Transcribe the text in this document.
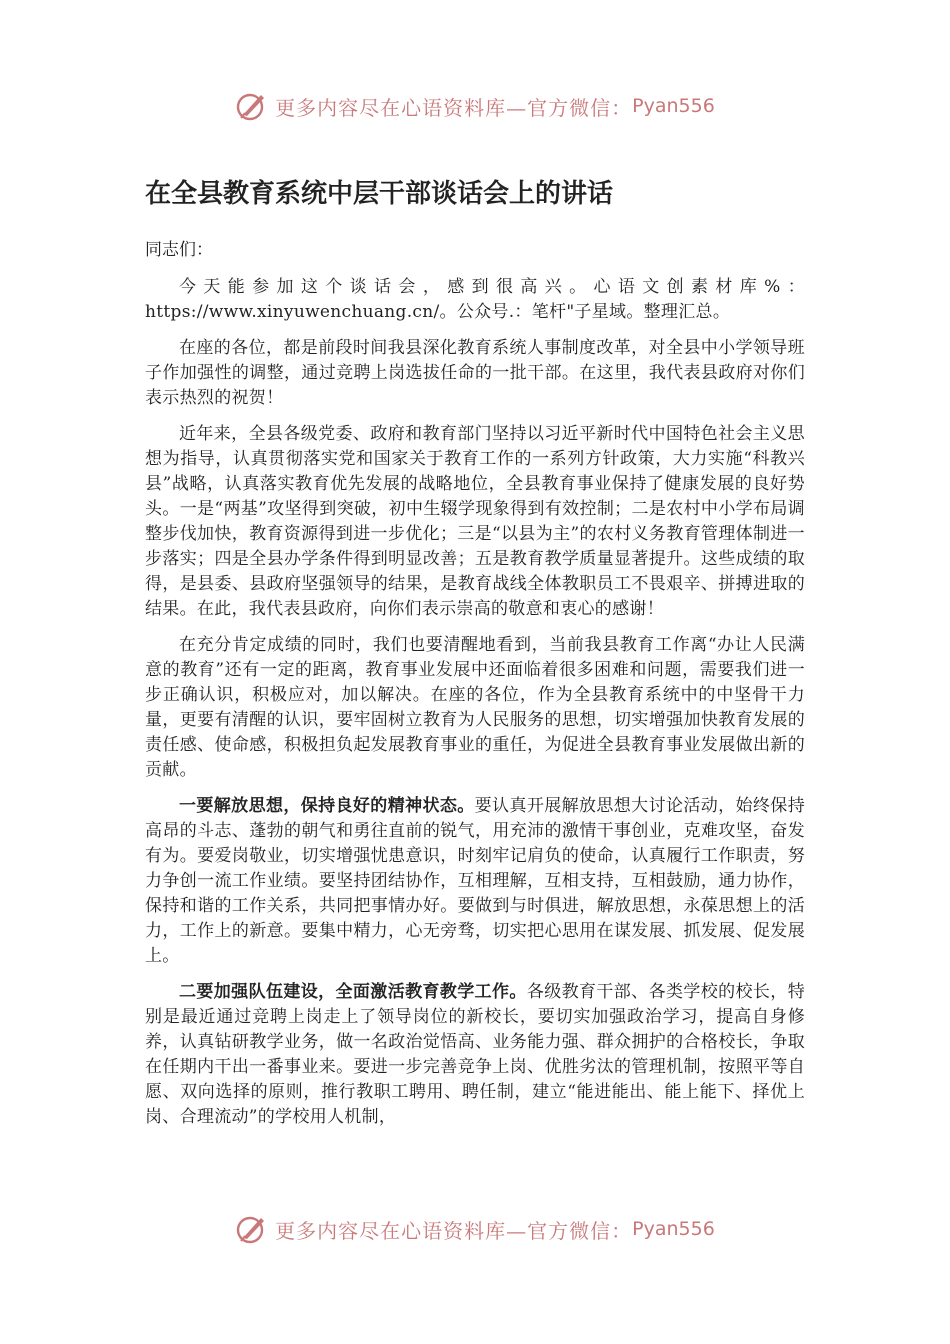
更多内容尽在心语资料库—官方微信： Pyan556
在全县教育系统中层干部谈话会上的讲话

同志们：

今天能参加这个谈话会，感到很高兴。心语文创素材库%：https://www.xinyuwenchuang.cn/。公众号.：笔杆"子星域。整理汇总。

在座的各位，都是前段时间我县深化教育系统人事制度改革，对全县中小学领导班子作加强性的调整，通过竞聘上岗选拔任命的一批干部。在这里，我代表县政府对你们表示热烈的祝贺！

近年来，全县各级党委、政府和教育部门坚持以习近平新时代中国特色社会主义思想为指导，认真贯彻落实党和国家关于教育工作的一系列方针政策，大力实施“科教兴县”战略，认真落实教育优先发展的战略地位，全县教育事业保持了健康发展的良好势头。一是“两基”攻坚得到突破，初中生辍学现象得到有效控制；二是农村中小学布局调整步伐加快，教育资源得到进一步优化；三是“以县为主”的农村义务教育管理体制进一步落实；四是全县办学条件得到明显改善；五是教育教学质量显著提升。这些成绩的取得，是县委、县政府坚强领导的结果，是教育战线全体教职员工不畏艰辛、拼搏进取的结果。在此，我代表县政府，向你们表示崇高的敬意和衷心的感谢！

在充分肯定成绩的同时，我们也要清醒地看到，当前我县教育工作离“办让人民满意的教育”还有一定的距离，教育事业发展中还面临着很多困难和问题，需要我们进一步正确认识，积极应对，加以解决。在座的各位，作为全县教育系统中的中坚骨干力量，更要有清醒的认识，要牢固树立教育为人民服务的思想，切实增强加快教育发展的责任感、使命感，积极担负起发展教育事业的重任，为促进全县教育事业发展做出新的贡献。

一要解放思想，保持良好的精神状态。要认真开展解放思想大讨论活动，始终保持高昂的斗志、蓬勃的朝气和勇往直前的锐气，用充沛的激情干事创业，克难攻坚，奋发有为。要爱岗敬业，切实增强忧患意识，时刻牢记肩负的使命，认真履行工作职责，努力争创一流工作业绩。要坚持团结协作，互相理解，互相支持，互相鼓励，通力协作，保持和谐的工作关系，共同把事情办好。要做到与时俱进，解放思想，永葆思想上的活力，工作上的新意。要集中精力，心无旁骛，切实把心思用在谋发展、抓发展、促发展上。

二要加强队伍建设，全面激活教育教学工作。各级教育干部、各类学校的校长，特别是最近通过竞聘上岗走上了领导岗位的新校长，要切实加强政治学习，提高自身修养，认真钻研教学业务，做一名政治觉悟高、业务能力强、群众拥护的合格校长，争取在任期内干出一番事业来。要进一步完善竞争上岗、优胜劣汰的管理机制，按照平等自愿、双向选择的原则，推行教职工聘用、聘任制，建立“能进能出、能上能下、择优上岗、合理流动”的学校用人机制，

更多内容尽在心语资料库—官方微信： Pyan556
